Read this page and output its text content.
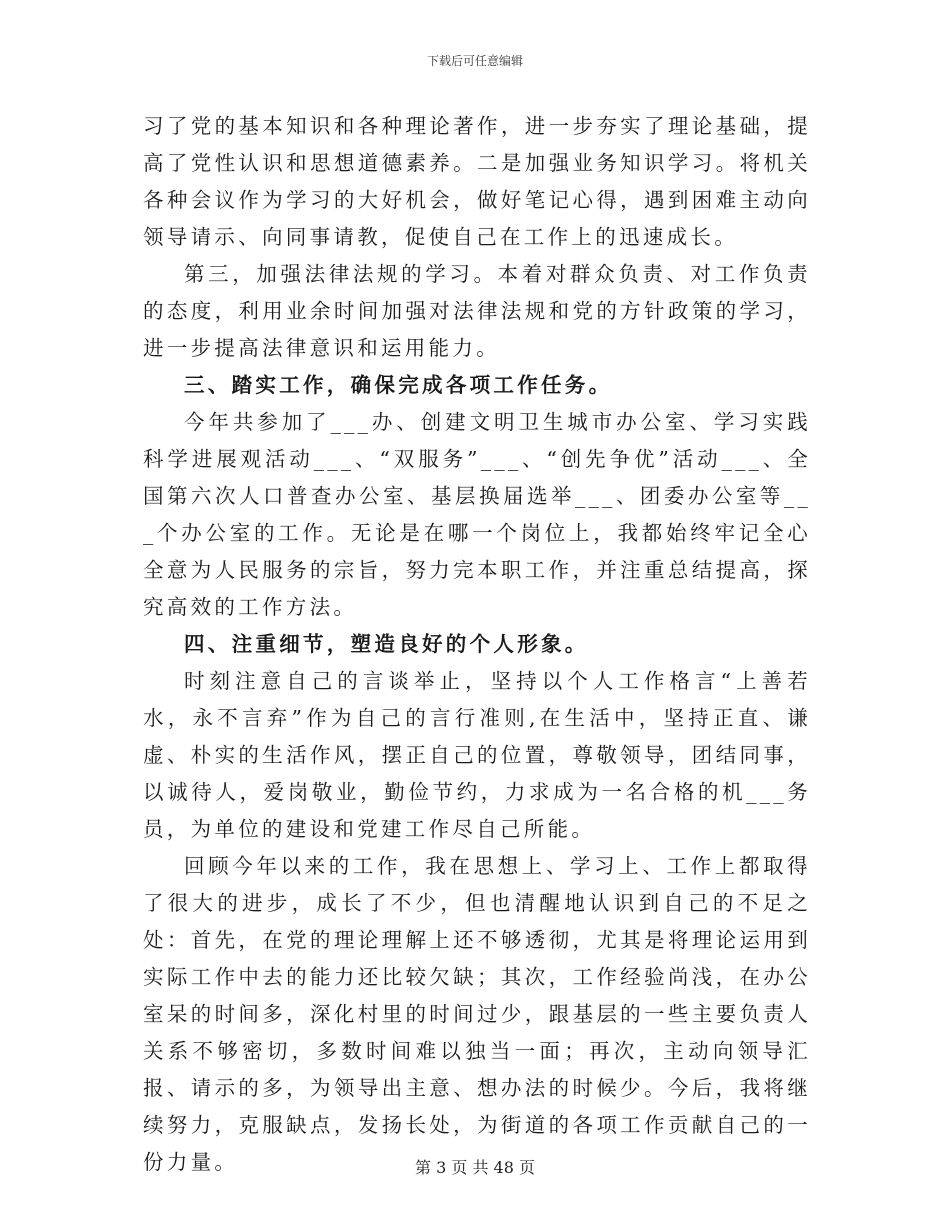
下载后可任意编辑

习了党的基本知识和各种理论著作，进一步夯实了理论基础，提高了党性认识和思想道德素养。二是加强业务知识学习。将机关各种会议作为学习的大好机会，做好笔记心得，遇到困难主动向领导请示、向同事请教，促使自己在工作上的迅速成长。

第三，加强法律法规的学习。本着对群众负责、对工作负责的态度，利用业余时间加强对法律法规和党的方针政策的学习，进一步提高法律意识和运用能力。

三、踏实工作，确保完成各项工作任务。

今年共参加了___办、创建文明卫生城市办公室、学习实践科学进展观活动___、“双服务”___、“创先争优”活动___、全国第六次人口普查办公室、基层换届选举___、团委办公室等___个办公室的工作。无论是在哪一个岗位上，我都始终牢记全心全意为人民服务的宗旨，努力完本职工作，并注重总结提高，探究高效的工作方法。

四、注重细节，塑造良好的个人形象。

时刻注意自己的言谈举止，坚持以个人工作格言“上善若水，永不言弃”作为自己的言行准则,在生活中，坚持正直、谦虚、朴实的生活作风，摆正自己的位置，尊敬领导，团结同事，以诚待人，爱岗敬业，勤俭节约，力求成为一名合格的机___务员，为单位的建设和党建工作尽自己所能。

回顾今年以来的工作，我在思想上、学习上、工作上都取得了很大的进步，成长了不少，但也清醒地认识到自己的不足之处：首先，在党的理论理解上还不够透彻，尤其是将理论运用到实际工作中去的能力还比较欠缺；其次，工作经验尚浅，在办公室呆的时间多，深化村里的时间过少，跟基层的一些主要负责人关系不够密切，多数时间难以独当一面；再次，主动向领导汇报、请示的多，为领导出主意、想办法的时候少。今后，我将继续努力，克服缺点，发扬长处，为街道的各项工作贡献自己的一份力量。	第 3 页 共 48 页
